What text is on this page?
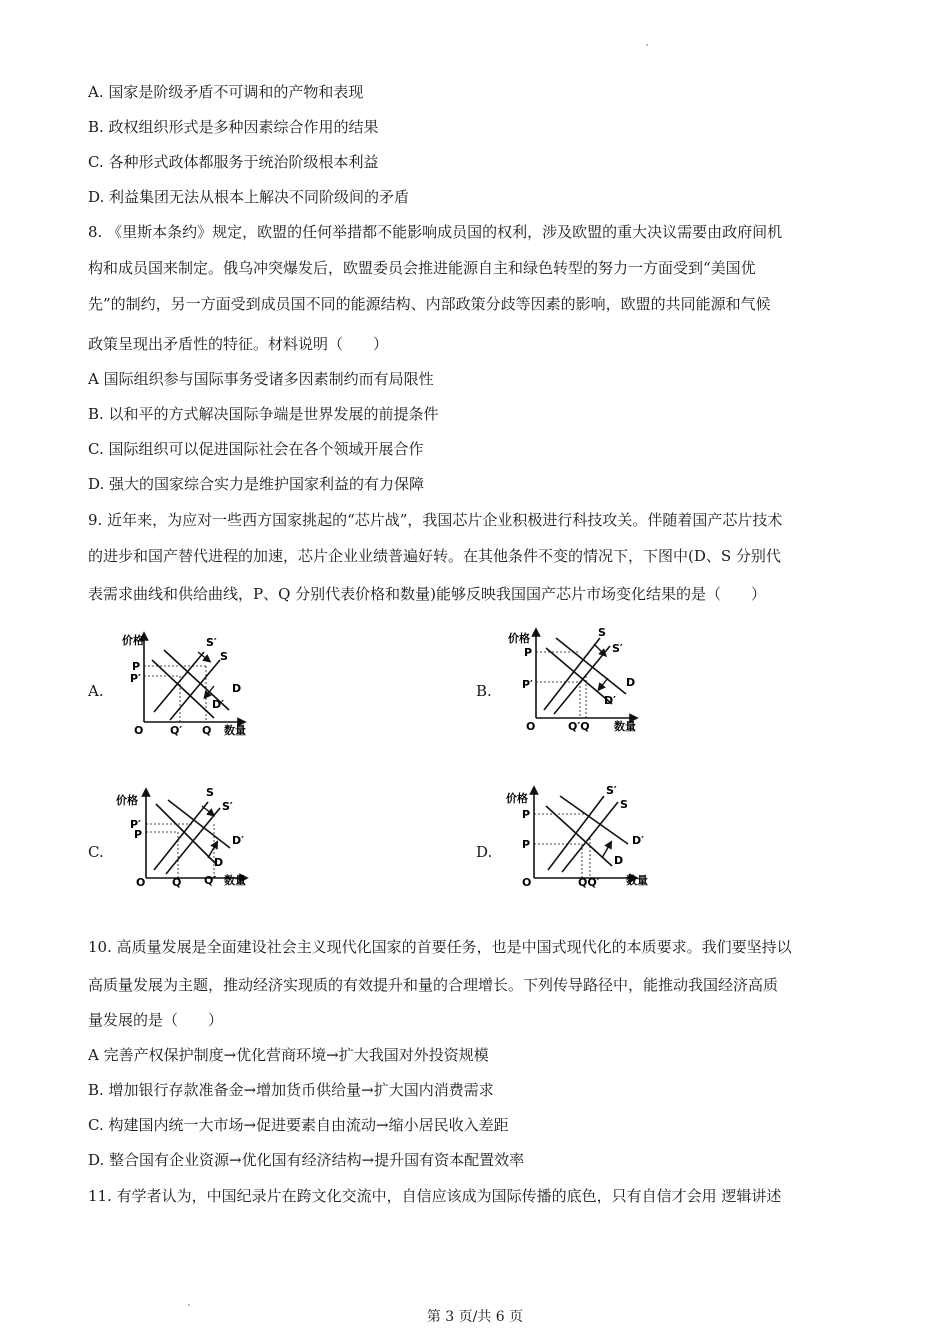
A. 国家是阶级矛盾不可调和的产物和表现
B. 政权组织形式是多种因素综合作用的结果
C. 各种形式政体都服务于统治阶级根本利益
D. 利益集团无法从根本上解决不同阶级间的矛盾
8. 《里斯本条约》规定，欧盟的任何举措都不能影响成员国的权利，涉及欧盟的重大决议需要由政府间机
构和成员国来制定。俄乌冲突爆发后，欧盟委员会推进能源自主和绿色转型的努力一方面受到“美国优
先”的制约，另一方面受到成员国不同的能源结构、内部政策分歧等因素的影响，欧盟的共同能源和气候
政策呈现出矛盾性的特征。材料说明（　　）
A 国际组织参与国际事务受诸多因素制约而有局限性
B. 以和平的方式解决国际争端是世界发展的前提条件
C. 国际组织可以促进国际社会在各个领域开展合作
D. 强大的国家综合实力是维护国家利益的有力保障
9. 近年来，为应对一些西方国家挑起的“芯片战”，我国芯片企业积极进行科技攻关。伴随着国产芯片技术
的进步和国产替代进程的加速，芯片企业业绩普遍好转。在其他条件不变的情况下，下图中(D、S 分别代
表需求曲线和供给曲线，P、Q 分别代表价格和数量)能够反映我国国产芯片市场变化结果的是（　　）
A.
价格
数量
O
S′
S
D
D′
P
P′
Q′ Q
B.
价格
数量
O
S
S′
D
D′
P
P′
Q′Q
C.
价格
数量
O
S
S′
D′
D
P′
P
Q Q′
D.
价格
数量
O
S′
S
D′
D
P
P
QQ′
10. 高质量发展是全面建设社会主义现代化国家的首要任务，也是中国式现代化的本质要求。我们要坚持以
高质量发展为主题，推动经济实现质的有效提升和量的合理增长。下列传导路径中，能推动我国经济高质
量发展的是（　　）
A 完善产权保护制度→优化营商环境→扩大我国对外投资规模
B. 增加银行存款准备金→增加货币供给量→扩大国内消费需求
C. 构建国内统一大市场→促进要素自由流动→缩小居民收入差距
D. 整合国有企业资源→优化国有经济结构→提升国有资本配置效率
11. 有学者认为，中国纪录片在跨文化交流中，自信应该成为国际传播的底色，只有自信才会用 逻辑讲述
第 3 页/共 6 页
